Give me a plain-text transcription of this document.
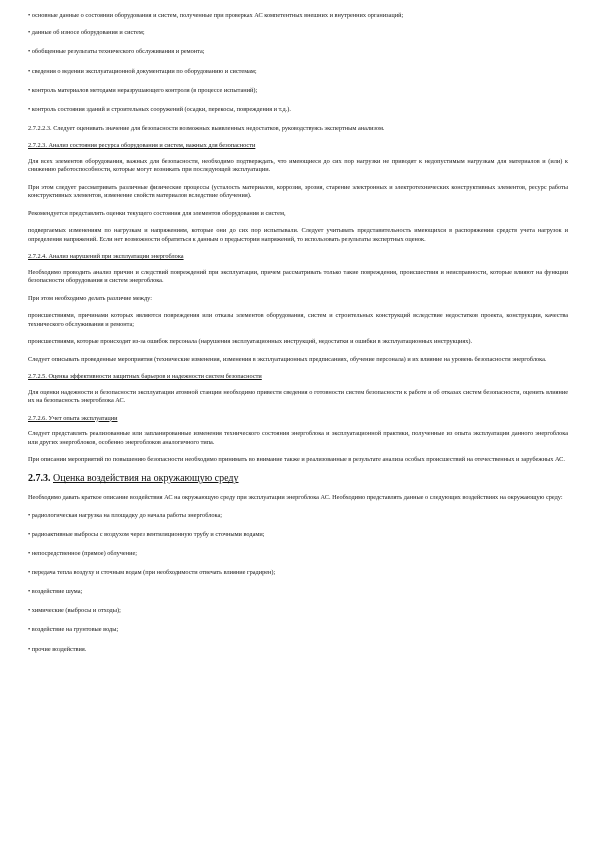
• основные данные о состоянии оборудования и систем, полученные при проверках АС компетентных внешних и внутренних организаций;
• данные об износе оборудования и систем;
• обобщенные результаты технического обслуживания и ремонта;
• сведения о ведении эксплуатационной документации по оборудованию и системам;
• контроль материалов методами неразрушающего контроля (в процессе испытаний);
• контроль состояния зданий и строительных сооружений (осадки, перекосы, повреждения и т.д.).
2.7.2.2.3. Следует оценивать значение для безопасности возможных выявленных недостатков, руководствуясь экспертным анализом.
2.7.2.3. Анализ состояния ресурса оборудования и систем, важных для безопасности
Для всех элементов оборудования, важных для безопасности, необходимо подтверждать, что имеющиеся до сих пор нагрузки не приводят к недопустимым нагрузкам для материалов и (или) к снижению работоспособности, которые могут возникать при последующей эксплуатации.
При этом следует рассматривать различные физические процессы (усталость материалов, коррозия, эрозия, старение электронных и электротехнических конструктивных элементов, ресурс работы конструктивных элементов, изменение свойств материалов вследствие облучения).
Рекомендуется представлять оценки текущего состояния для элементов оборудования и систем,
подвергаемых изменениям по нагрузкам и напряжениям, которые они до сих пор испытывали. Следует учитывать представительность имеющихся в распоряжении средств учета нагрузок и определения напряжений. Если нет возможности обратиться к данным о предыстории напряжений, то использовать результаты экспертных оценок.
2.7.2.4. Анализ нарушений при эксплуатации энергоблока
Необходимо проводить анализ причин и следствий повреждений при эксплуатации, причем рассматривать только такие повреждения, происшествия и неисправности, которые влияют на функции безопасности оборудования и систем энергоблока.
При этом необходимо делать различие между:
происшествиями, причинами которых являются повреждения или отказы элементов оборудования, систем и строительных конструкций вследствие недостатков проекта, конструкции, качества технического обслуживания и ремонта;
происшествиями, которые происходят из-за ошибок персонала (нарушения эксплуатационных инструкций, недостатки и ошибки в эксплуатационных инструкциях).
Следует описывать проведенные мероприятия (технические изменения, изменения в эксплуатационных предписаниях, обучение персонала) и их влияние на уровень безопасности энергоблока.
2.7.2.5. Оценка эффективности защитных барьеров и надежности систем безопасности
Для оценки надежности и безопасности эксплуатации атомной станции необходимо привести сведения о готовности систем безопасности к работе и об отказах систем безопасности, оценить влияние их на безопасность энергоблока АС.
2.7.2.6. Учет опыта эксплуатации
Следует представлять реализованные или запланированные изменения технического состояния энергоблока и эксплуатационной практики, полученные из опыта эксплуатации данного энергоблока или других энергоблоков, особенно энергоблоков аналогичного типа.
При описании мероприятий по повышению безопасности необходимо принимать во внимание также и реализованные в результате анализа особых происшествий на отечественных и зарубежных АС.
2.7.3. Оценка воздействия на окружающую среду
Необходимо давать краткое описание воздействия АС на окружающую среду при эксплуатации энергоблока АС. Необходимо представлять данные о следующих воздействиях на окружающую среду:
• радиологическая нагрузка на площадку до начала работы энергоблока;
• радиоактивные выбросы с воздухом через вентиляционную трубу и сточными водами;
• непосредственное (прямое) облучение;
• передача тепла воздуху и сточным водам (при необходимости отвечать влияние градирен);
• воздействие шума;
• химические (выбросы и отходы);
• воздействие на грунтовые воды;
• прочие воздействия.
